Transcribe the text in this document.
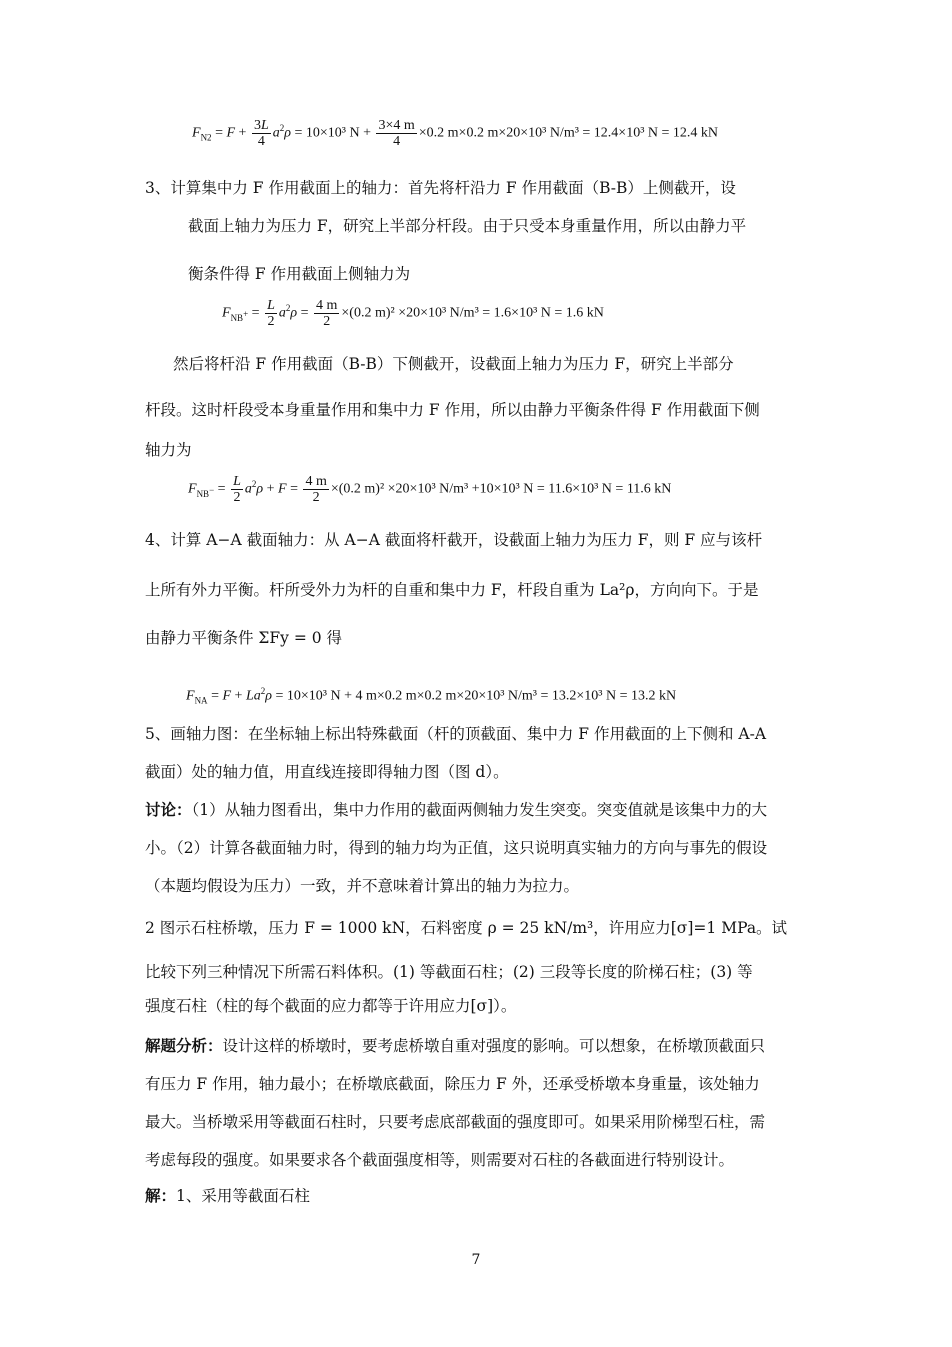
$F_{N2} = F + \frac{3L}{4} a^2\rho = 10\times 10^3$ $N + \frac{3\times 4 m}{4} \times 0.2$ m×0.2 m×20×10³ N/m³ = 12.4×10³ N = 12.4 kN
3、计算集中力 F 作用截面上的轴力：首先将杆沿力 F 作用截面（B-B）上侧截开，设
截面上轴力为压力 F，研究上半部分杆段。由于只受本身重量作用，所以由静力平
衡条件得 F 作用截面上侧轴力为
$F_{NB^+} = \frac{L}{2} a^2\rho = \frac{4 m}{2} \times(0.2$ m)² ×20×10³ N/m³ = 1.6×10³ N = 1.6 kN
然后将杆沿 F 作用截面（B-B）下侧截开，设截面上轴力为压力 F，研究上半部分
杆段。这时杆段受本身重量作用和集中力 F 作用，所以由静力平衡条件得 F 作用截面下侧
轴力为
$F_{NB^-} = \frac{L}{2} a^2\rho + F = \frac{4 m}{2} \times(0.2$ m)² ×20×10³ N/m³ +10×10³ N = 11.6×10³ N = 11.6 kN
4、计算 A−A 截面轴力：从 A−A 截面将杆截开，设截面上轴力为压力 F，则 F 应与该杆
上所有外力平衡。杆所受外力为杆的自重和集中力 F，杆段自重为 La²ρ，方向向下。于是
由静力平衡条件 ΣFy = 0 得
$F_{NA} = F + La^2\rho = 10\times 10^3$ N + 4 m×0.2 m×0.2 m×20×10³ N/m³ = 13.2×10³ N = 13.2 kN
5、画轴力图：在坐标轴上标出特殊截面（杆的顶截面、集中力 F 作用截面的上下侧和 A-A
截面）处的轴力值，用直线连接即得轴力图（图 d）。
讨论：（1）从轴力图看出，集中力作用的截面两侧轴力发生突变。突变值就是该集中力的大
小。（2）计算各截面轴力时，得到的轴力均为正值，这只说明真实轴力的方向与事先的假设
（本题均假设为压力）一致，并不意味着计算出的轴力为拉力。
2 图示石柱桥墩，压力 F = 1000 kN，石料密度 ρ = 25 kN/m³，许用应力[σ]=1 MPa。试
比较下列三种情况下所需石料体积。(1) 等截面石柱；(2) 三段等长度的阶梯石柱；(3) 等
强度石柱（柱的每个截面的应力都等于许用应力[σ]）。
解题分析：设计这样的桥墩时，要考虑桥墩自重对强度的影响。可以想象，在桥墩顶截面只
有压力 F 作用，轴力最小；在桥墩底截面，除压力 F 外，还承受桥墩本身重量，该处轴力
最大。当桥墩采用等截面石柱时，只要考虑底部截面的强度即可。如果采用阶梯型石柱，需
考虑每段的强度。如果要求各个截面强度相等，则需要对石柱的各截面进行特别设计。
解：1、采用等截面石柱
7
